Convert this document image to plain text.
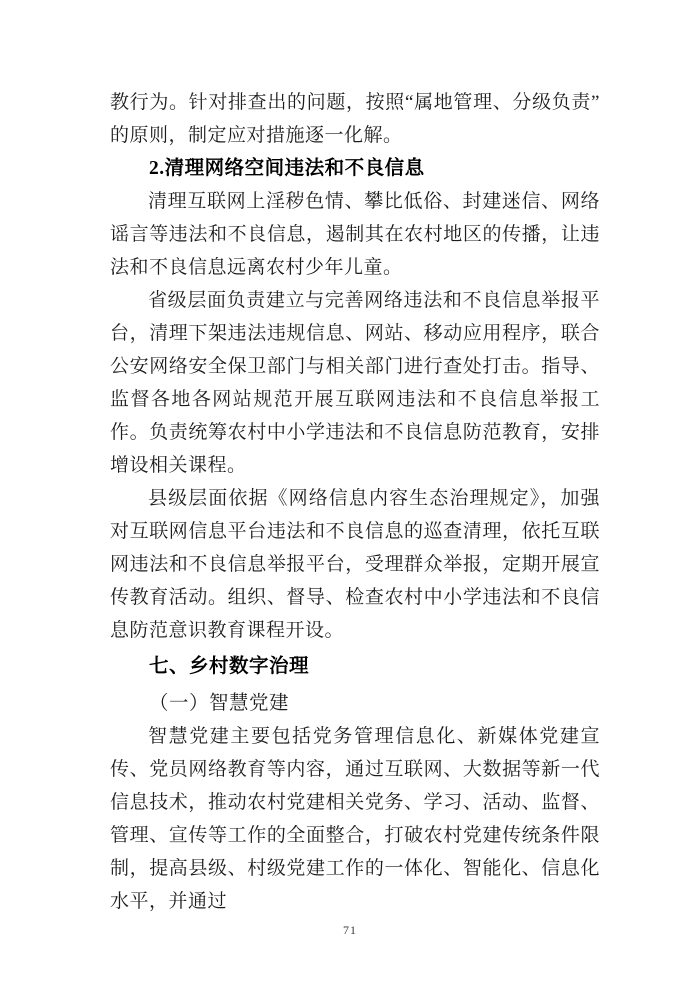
教行为。针对排查出的问题，按照“属地管理、分级负责”的原则，制定应对措施逐一化解。

2.清理网络空间违法和不良信息

清理互联网上淫秽色情、攀比低俗、封建迷信、网络谣言等违法和不良信息，遏制其在农村地区的传播，让违法和不良信息远离农村少年儿童。

省级层面负责建立与完善网络违法和不良信息举报平台，清理下架违法违规信息、网站、移动应用程序，联合公安网络安全保卫部门与相关部门进行查处打击。指导、监督各地各网站规范开展互联网违法和不良信息举报工作。负责统筹农村中小学违法和不良信息防范教育，安排增设相关课程。

县级层面依据《网络信息内容生态治理规定》，加强对互联网信息平台违法和不良信息的巡查清理，依托互联网违法和不良信息举报平台，受理群众举报，定期开展宣传教育活动。组织、督导、检查农村中小学违法和不良信息防范意识教育课程开设。

七、乡村数字治理

（一）智慧党建

智慧党建主要包括党务管理信息化、新媒体党建宣传、党员网络教育等内容，通过互联网、大数据等新一代信息技术，推动农村党建相关党务、学习、活动、监督、管理、宣传等工作的全面整合，打破农村党建传统条件限制，提高县级、村级党建工作的一体化、智能化、信息化水平，并通过

71
